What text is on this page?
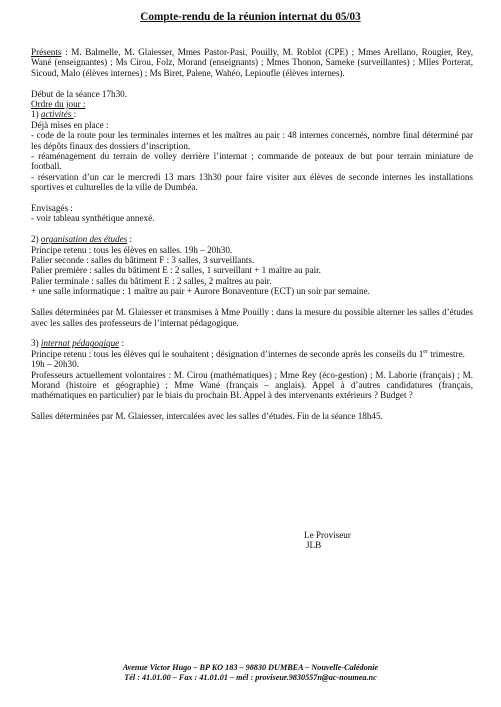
Compte-rendu de la réunion internat du 05/03

Présents : M. Balmelle, M. Glaiesser, Mmes Pastor-Pasi, Pouilly, M. Roblot (CPE) ; Mmes Arellano, Rougier, Rey, Wané (enseignantes) ; Ms Cirou, Folz, Morand (enseignants) ; Mmes Thonon, Sameke (surveillantes) ; Mlles Porterat, Sicoud, Malo (élèves internes) ; Ms Biret, Palene, Wahéo, Lepioufle (élèves internes).

Début de la séance 17h30.

Ordre du jour :

1) activités :

Déjà mises en place :

- code de la route pour les terminales internes et les maîtres au pair : 48 internes concernés, nombre final déterminé par les dépôts finaux des dossiers d’inscription.

- réaménagement du terrain de volley derrière l’internat ; commande de poteaux de but pour terrain miniature de football.

- réservation d’un car le mercredi 13 mars 13h30 pour faire visiter aux élèves de seconde internes les installations sportives et culturelles de la ville de Dumbéa.

Envisagés :

- voir tableau synthétique annexé.

2) organisation des études :

Principe retenu : tous les élèves en salles. 19h – 20h30.

Palier seconde : salles du bâtiment F : 3 salles, 3 surveillants.

Palier première : salles du bâtiment E : 2 salles, 1 surveillant + 1 maître au pair.

Palier terminale : salles du bâtiment E : 2 salles, 2 maîtres au pair.

+ une salle informatique : 1 maître au pair + Aurore Bonaventure (ECT) un soir par semaine.

Salles déterminées par M. Glaiesser et transmises à Mme Pouilly : dans la mesure du possible alterner les salles d’études avec les salles des professeurs de l’internat pédagogique.

3) internat pédagogique :

Principe retenu : tous les élèves qui le souhaitent ; désignation d’internes de seconde après les conseils du 1er trimestre.

19h – 20h30.

Professeurs actuellement volontaires : M. Cirou (mathématiques) ; Mme Rey (éco-gestion) ; M. Laborie (français) ; M. Morand (histoire et géographie) ; Mme Wané (français – anglais). Appel à d’autres candidatures (français, mathématiques en particulier) par le biais du prochain BI. Appel à des intervenants extérieurs ? Budget ?

Salles déterminées par M. Glaiesser, intercalées avec les salles d’études. Fin de la séance 18h45.

Le Proviseur
JLB
Avenue Victor Hugo – BP KO 183 – 98830 DUMBEA – Nouvelle-Calédonie
Tél : 41.01.00 – Fax : 41.01.01 – mél : proviseur.9830557n@ac-noumea.nc
